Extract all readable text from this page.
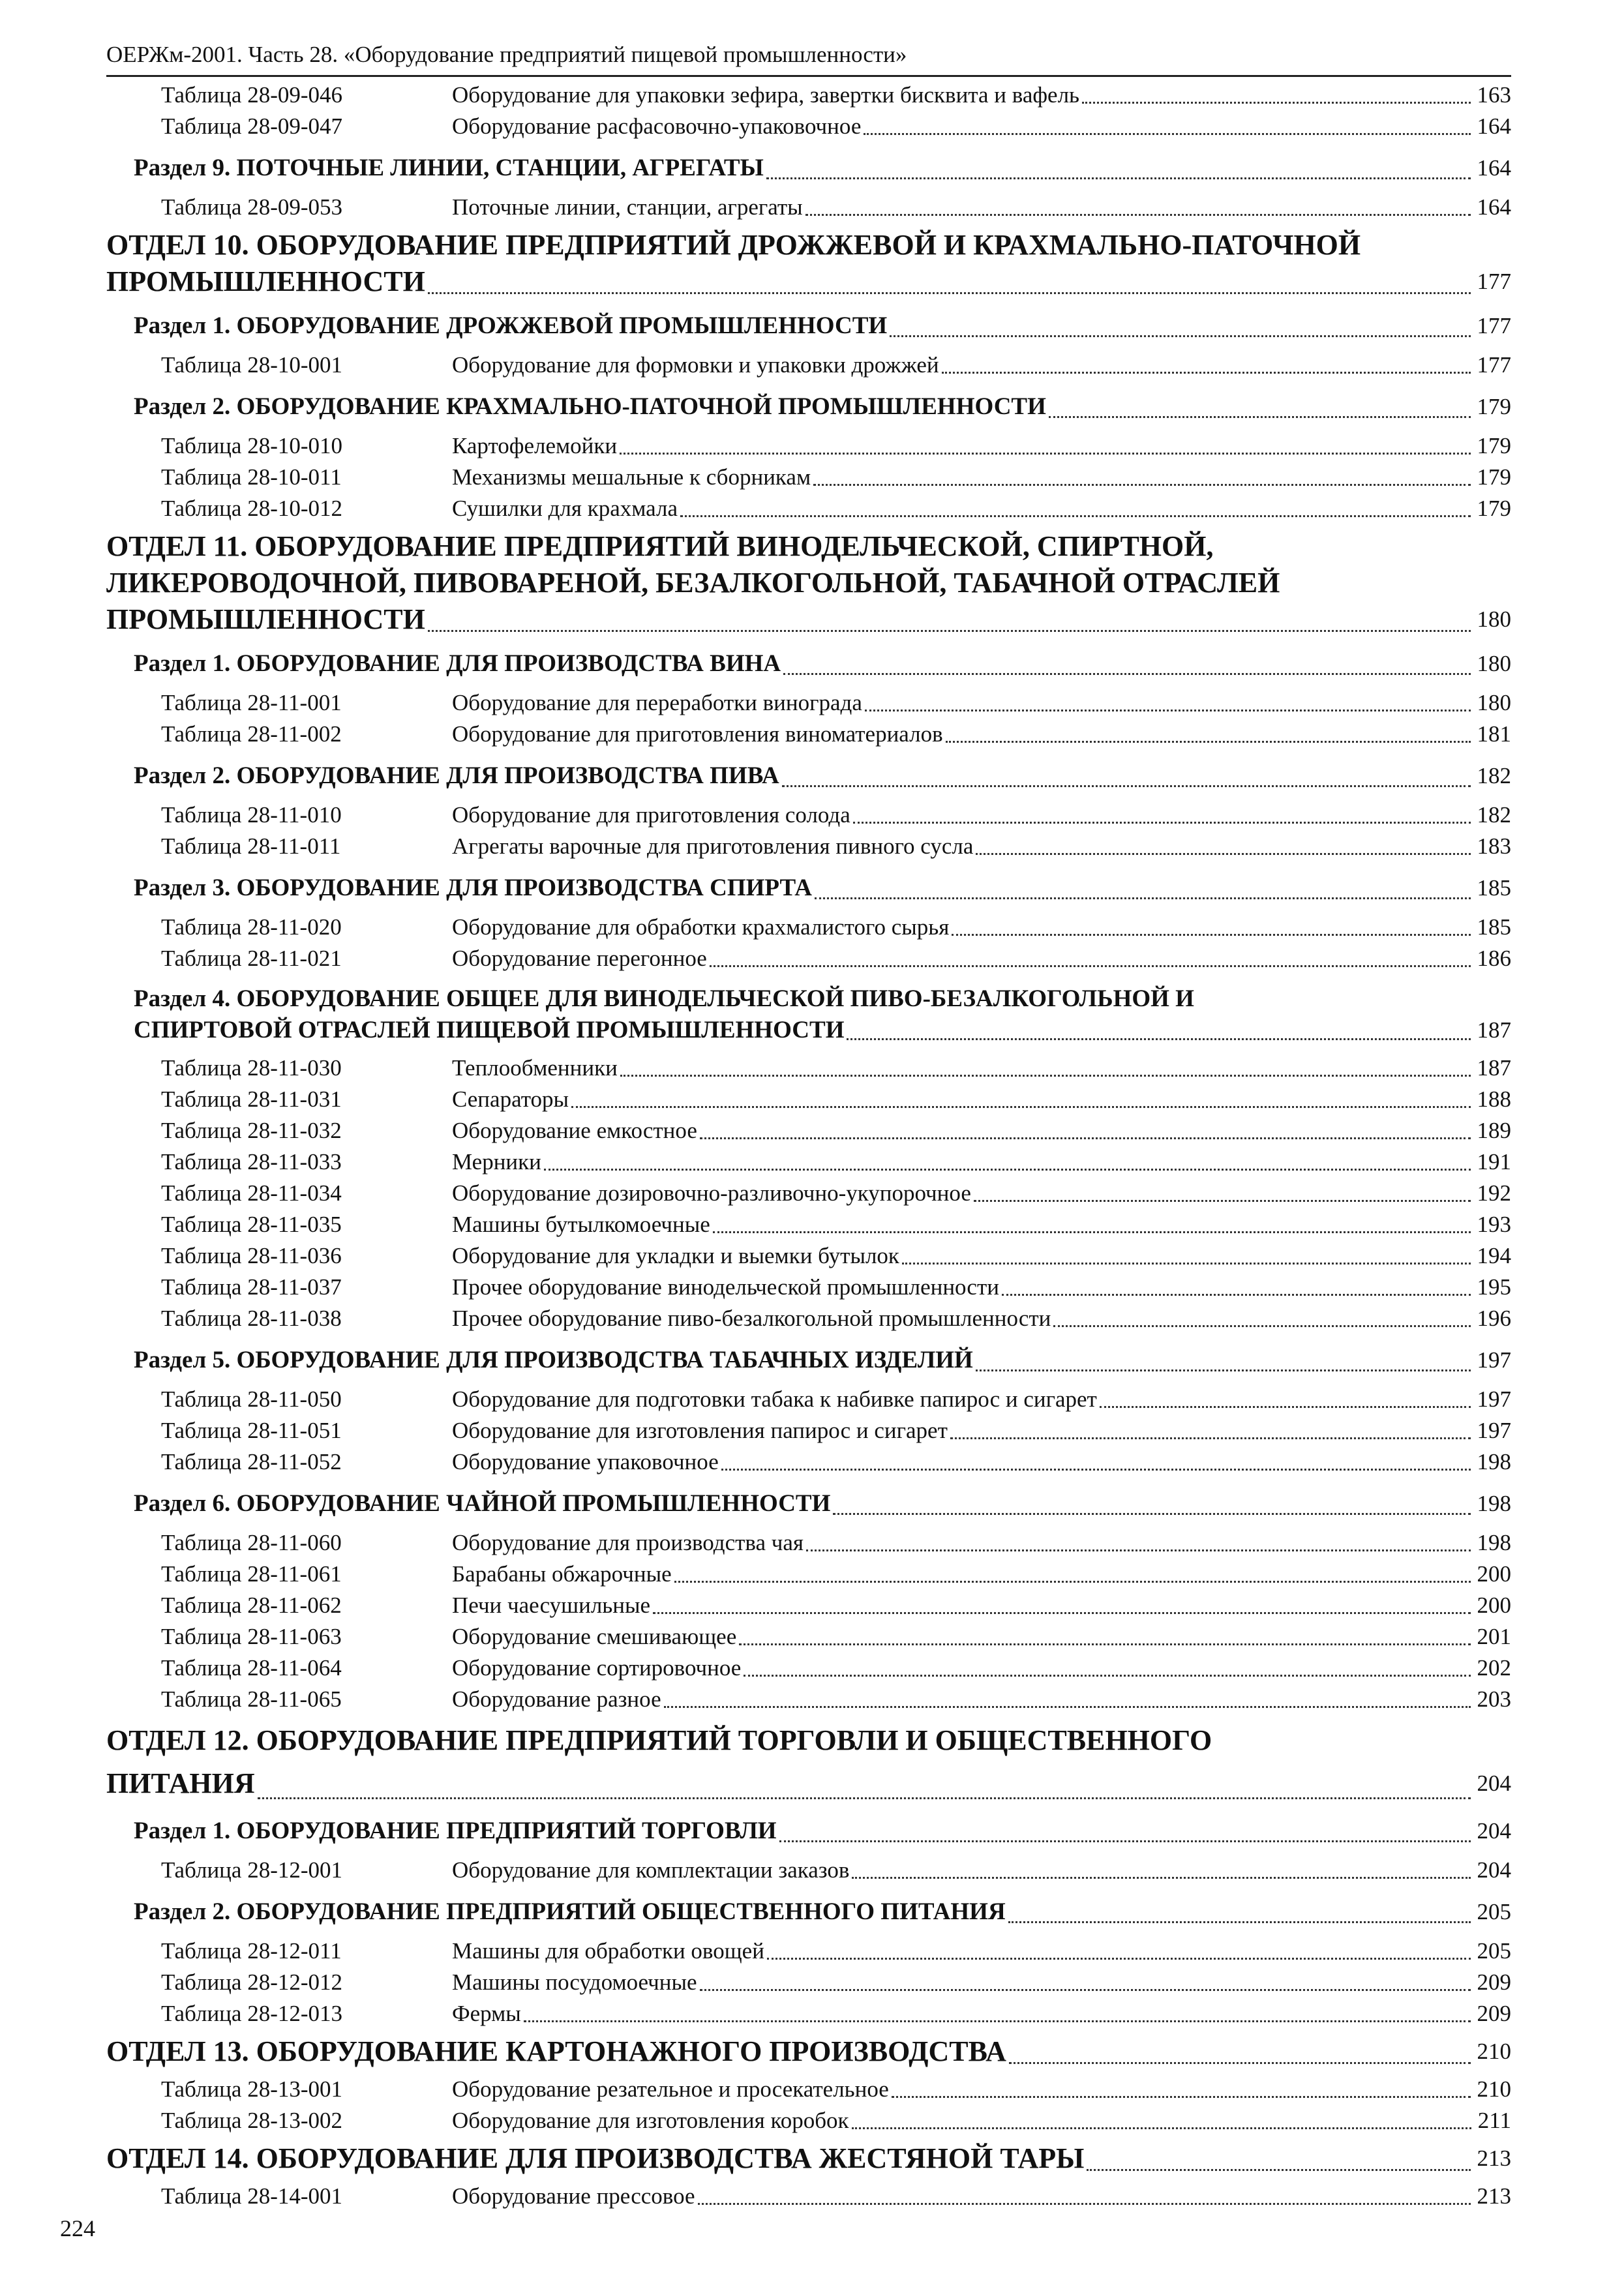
ОЕРЖм-2001. Часть 28. «Оборудование предприятий пищевой промышленности»
Таблица 28-09-046	Оборудование для упаковки зефира, завертки бисквита и вафель	163
Таблица 28-09-047	Оборудование расфасовочно-упаковочное	164
Раздел 9. ПОТОЧНЫЕ ЛИНИИ, СТАНЦИИ, АГРЕГАТЫ	164
Таблица 28-09-053	Поточные линии, станции, агрегаты	164
ОТДЕЛ 10. ОБОРУДОВАНИЕ ПРЕДПРИЯТИЙ ДРОЖЖЕВОЙ И КРАХМАЛЬНО-ПАТОЧНОЙ
ПРОМЫШЛЕННОСТИ	177
Раздел 1. ОБОРУДОВАНИЕ ДРОЖЖЕВОЙ ПРОМЫШЛЕННОСТИ	177
Таблица 28-10-001	Оборудование для формовки и упаковки дрожжей	177
Раздел 2. ОБОРУДОВАНИЕ КРАХМАЛЬНО-ПАТОЧНОЙ ПРОМЫШЛЕННОСТИ	179
Таблица 28-10-010	Картофелемойки	179
Таблица 28-10-011	Механизмы мешальные к сборникам	179
Таблица 28-10-012	Сушилки для крахмала	179
ОТДЕЛ 11. ОБОРУДОВАНИЕ ПРЕДПРИЯТИЙ ВИНОДЕЛЬЧЕСКОЙ, СПИРТНОЙ,
ЛИКЕРОВОДОЧНОЙ, ПИВОВАРЕНОЙ, БЕЗАЛКОГОЛЬНОЙ, ТАБАЧНОЙ ОТРАСЛЕЙ
ПРОМЫШЛЕННОСТИ	180
Раздел 1. ОБОРУДОВАНИЕ ДЛЯ ПРОИЗВОДСТВА ВИНА	180
Таблица 28-11-001	Оборудование для переработки винограда	180
Таблица 28-11-002	Оборудование для приготовления виноматериалов	181
Раздел 2. ОБОРУДОВАНИЕ ДЛЯ ПРОИЗВОДСТВА ПИВА	182
Таблица 28-11-010	Оборудование для приготовления солода	182
Таблица 28-11-011	Агрегаты варочные для приготовления пивного сусла	183
Раздел 3. ОБОРУДОВАНИЕ ДЛЯ ПРОИЗВОДСТВА СПИРТА	185
Таблица 28-11-020	Оборудование для обработки крахмалистого сырья	185
Таблица 28-11-021	Оборудование перегонное	186
Раздел 4. ОБОРУДОВАНИЕ ОБЩЕЕ ДЛЯ ВИНОДЕЛЬЧЕСКОЙ ПИВО-БЕЗАЛКОГОЛЬНОЙ И
СПИРТОВОЙ ОТРАСЛЕЙ ПИЩЕВОЙ ПРОМЫШЛЕННОСТИ	187
Таблица 28-11-030	Теплообменники	187
Таблица 28-11-031	Сепараторы	188
Таблица 28-11-032	Оборудование емкостное	189
Таблица 28-11-033	Мерники	191
Таблица 28-11-034	Оборудование дозировочно-разливочно-укупорочное	192
Таблица 28-11-035	Машины бутылкомоечные	193
Таблица 28-11-036	Оборудование для укладки и выемки бутылок	194
Таблица 28-11-037	Прочее оборудование винодельческой промышленности	195
Таблица 28-11-038	Прочее оборудование пиво-безалкогольной промышленности	196
Раздел 5. ОБОРУДОВАНИЕ ДЛЯ ПРОИЗВОДСТВА ТАБАЧНЫХ ИЗДЕЛИЙ	197
Таблица 28-11-050	Оборудование для подготовки табака к набивке папирос и сигарет	197
Таблица 28-11-051	Оборудование для изготовления папирос и сигарет	197
Таблица 28-11-052	Оборудование упаковочное	198
Раздел 6. ОБОРУДОВАНИЕ ЧАЙНОЙ ПРОМЫШЛЕННОСТИ	198
Таблица 28-11-060	Оборудование для производства чая	198
Таблица 28-11-061	Барабаны обжарочные	200
Таблица 28-11-062	Печи чаесушильные	200
Таблица 28-11-063	Оборудование смешивающее	201
Таблица 28-11-064	Оборудование сортировочное	202
Таблица 28-11-065	Оборудование разное	203
ОТДЕЛ 12. ОБОРУДОВАНИЕ ПРЕДПРИЯТИЙ ТОРГОВЛИ И ОБЩЕСТВЕННОГО
ПИТАНИЯ	204
Раздел 1. ОБОРУДОВАНИЕ ПРЕДПРИЯТИЙ ТОРГОВЛИ	204
Таблица 28-12-001	Оборудование для комплектации заказов	204
Раздел 2. ОБОРУДОВАНИЕ ПРЕДПРИЯТИЙ ОБЩЕСТВЕННОГО ПИТАНИЯ	205
Таблица 28-12-011	Машины для обработки овощей	205
Таблица 28-12-012	Машины посудомоечные	209
Таблица 28-12-013	Фермы	209
ОТДЕЛ 13. ОБОРУДОВАНИЕ КАРТОНАЖНОГО ПРОИЗВОДСТВА	210
Таблица 28-13-001	Оборудование резательное и просекательное	210
Таблица 28-13-002	Оборудование для изготовления коробок	211
ОТДЕЛ 14. ОБОРУДОВАНИЕ ДЛЯ ПРОИЗВОДСТВА ЖЕСТЯНОЙ ТАРЫ	213
Таблица 28-14-001	Оборудование прессовое	213
224
